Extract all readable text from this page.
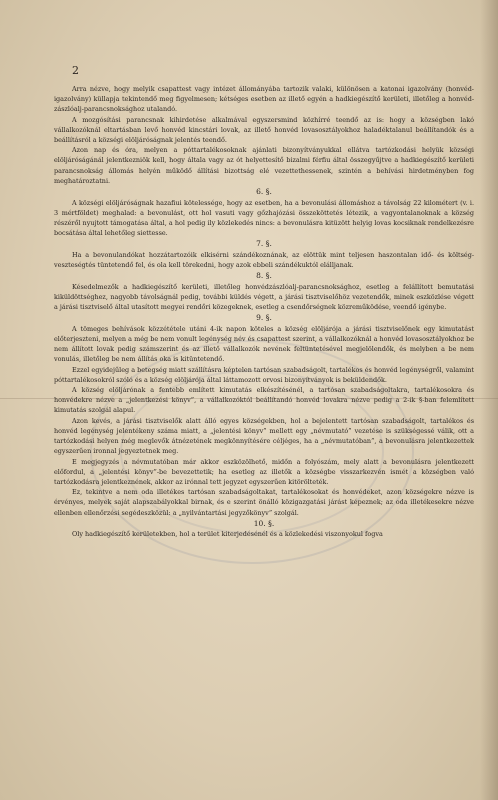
2

Arra nézve, hogy melyik csapattest vagy intézet állományába tartozik valaki, különösen a katonai igazolvány (honvéd-igazolvány) küllapja tekintendő meg figyelmesen; kétséges esetben az illető egyén a hadkiegészítő kerületi, illetőleg a honvéd-zászlóalj-parancsnoksághoz utalandó.

A mozgósítási parancsnak kihirdetése alkalmával egyszersmind közhírré teendő az is: hogy a községben lakó vállalkozóknál eltartásban levő honvéd kincstári lovak, az illető honvéd lovasosztályokhoz haladéktalanul beállítandók és a beállításról a községi elöljáróságnak jelentés teendő.

Azon nap és óra, melyen a póttartalékosoknak ajánlati bizonyítványukkal ellátva tartózkodási helyük községi elöljáróságánál jelentkezniök kell, hogy általa vagy az ót helyettesítő bizalmi férfiu által összegyűjtve a hadkiegészítő kerületi parancsnokság állomás helyén működő állítási bizottság elé vezettethessenek, szintén a behívási hirdetményben fog meghatároztatni.

6. §.

A községi elöljáróságnak hazafiui kötelessége, hogy az esetben, ha a bevonulási állomáshoz a távolság 22 kilométert (v. i. 3 mértföldet) meghalad: a bevonulást, ott hol vasuti vagy gőzhajózási összeköttetés létezik, a vagyontalanoknak a község részéről nyujtott támogatása által, a hol pedig ily közlekedés nincs: a bevonulásra kitüzött helyig lovas kocsiknak rendelkezésre bocsátása által lehetőleg siettesse.

7. §.

Ha a bevonulandókat hozzátartozóik elkisérni szándékoznának, az elöttük mint teljesen haszontalan idő- és költség-veszteségtés tüntetendő fel, és ola kell törekedni, hogy azok ebbeli szándékuktól elálljanak.

8. §.

Késedelmezők a hadkiegészítő kerületi, illetőleg honvédzászlóalj-parancsnoksághoz, esetleg a felállított bemutatási kiküldöttséghez, nagyobb távolságnál pedig, további küldés végett, a járási tisztviselőhöz vezetendők, minek eszközlése végett a járási tisztviselő által utasított megyei rendőri közegeknek, esetleg a csendőrségnek közreműködése, veendő igénybe.

9. §.

A tömeges behívások közzététele utáni 4-ik napon köteles a község elöljárója a járási tisztviselőnek egy kimutatást előterjeszteni, melyen a még be nem vonult legénység név és csapattest szerint, a vállalkozóknál a honvéd lovasosztályokhoz be nem állított lovak pedig számszerint és az illető vállalkozók nevének feltüntetésével megjelölendők, és melyben a be nem vonulás, illetőleg be nem állítás oka is kitüntetendő.

Ezzel egyidejűleg a betegség miatt szállításra képtelen tartósan szabadságolt, tartalékos és honvéd legénységről, valamint póttartalékosokról szóló és a község elöljárója által láttamozott orvosi bizonyítványok is beküldendők.

A község elöljárónak a fentebb említett kimutatás elkészítésénél, a tartósan szabadságoltakra, tartalékosokra és honvédekre nézve a „jelentkezési könyv”, a vállalkozóktól beállítandó honvéd lovakra nézve pedig a 2-ik §-ban felemlített kimutatás szolgál alapul.

Azon kevés, a járási tisztviselők alatt álló egyes községekben, hol a bejelentett tartósan szabadságolt, tartalékos és honvéd legénység jelentékeny száma miatt, a „jelentési könyv” mellett egy „névmutató” vezetése is szükségessé válik, ott a tartózkodási helyen még meglevők átnézetének megkönnyítésére céljéges, ha a „névmutatóban”, a bevonulásra jelentkezettek egyszerűen ironnal jegyeztetnek meg.

E megjegyzés a névmutatóban már akkor eszközölhető, midőn a folyószám, mely alatt a bevonulásra jelentkezett előfordul, a „jelentési könyv”-be bevezettetik; ha esetleg az illetők a községbe visszarkezvén ismét a községben való tartózkodásra jelentkeznének, akkor az irónnal tett jegyzet egyszerűen kitörölteték.

Ez, tekintve a nem oda illetékes tartósan szabadságoltakat, tartalékosokat és honvédeket, azon községekre nézve is érvényes, melyek saját alapszabályokkal birnak, és e szerint önálló közigazgatási járást képeznek; az oda illetékesekre nézve ellenben ellenőrzési segédeszközül: a „nyilvántartási jegyzőkönyv” szolgál.

10. §.

Oly hadkiegészítő kerületekben, hol a terület kiterjedésénél és a közlekedési viszonyokul fogva
